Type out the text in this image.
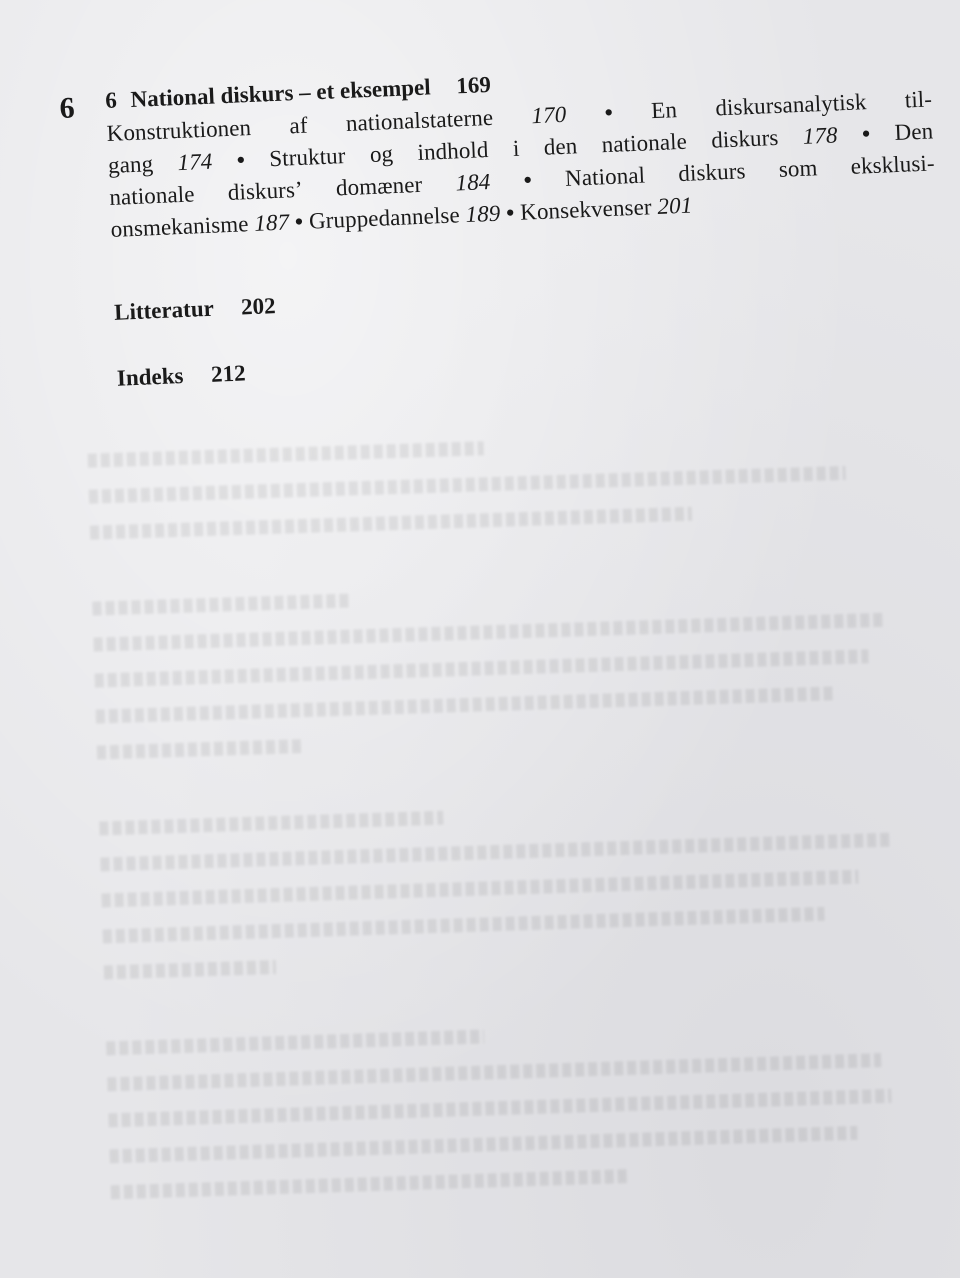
6 6 National diskurs – et eksempel 169
Konstruktionen af nationalstaterne 170 • En diskursanalytisk til-
gang 174 • Struktur og indhold i den nationale diskurs 178 • Den
nationale diskurs’ domæner 184 • National diskurs som eksklusi-
onsmekanisme 187 • Gruppedannelse 189 • Konsekvenser 201
Litteratur 202
Indeks 212
